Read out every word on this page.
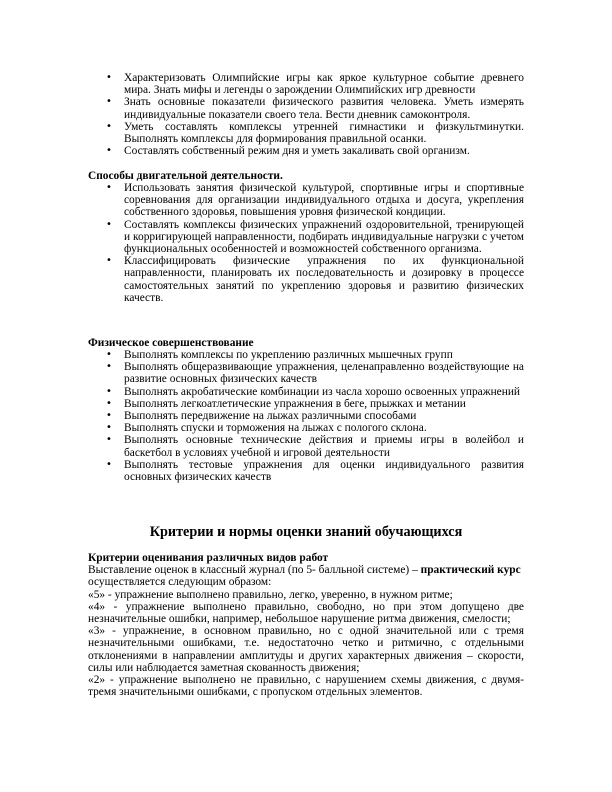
• Характеризовать Олимпийские игры как яркое культурное событие древнего мира. Знать мифы и легенды о зарождении Олимпийских игр древности
• Знать основные показатели физического развития человека. Уметь измерять индивидуальные показатели своего тела. Вести дневник самоконтроля.
• Уметь составлять комплексы утренней гимнастики и физкультминутки. Выполнять комплексы для формирования правильной осанки.
• Составлять собственный режим дня и уметь закаливать свой организм.
Способы двигательной деятельности.
• Использовать занятия физической культурой, спортивные игры и спортивные соревнования для организации индивидуального отдыха и досуга, укрепления собственного здоровья, повышения уровня физической кондиции.
• Составлять комплексы физических упражнений оздоровительной, тренирующей и корригирующей направленности, подбирать индивидуальные нагрузки с учетом функциональных особенностей и возможностей собственного организма.
• Классифицировать физические упражнения по их функциональной направленности, планировать их последовательность и дозировку в процессе самостоятельных занятий по укреплению здоровья и развитию физических качеств.
Физическое совершенствование
• Выполнять комплексы по укреплению различных мышечных групп
• Выполнять общеразвивающие упражнения, целенаправленно воздействующие на развитие основных физических качеств
• Выполнять акробатические комбинации из часла хорошо освоенных упражнений
• Выполнять легкоатлетические упражнения в беге, прыжках и метании
• Выполнять передвижение на лыжах различными способами
• Выполнять спуски и торможения на лыжах с пологого склона.
• Выполнять основные технические действия и приемы игры в волейбол и баскетбол в условиях учебной и игровой деятельности
• Выполнять тестовые упражнения для оценки индивидуального развития основных физических качеств
Критерии и нормы оценки знаний обучающихся
Критерии оценивания различных видов работ
Выставление оценок в классный журнал (по 5- балльной системе) – практический курс
осуществляется следующим образом:
«5» - упражнение выполнено правильно, легко, уверенно, в нужном ритме;
«4» - упражнение выполнено правильно, свободно, но при этом допущено две незначительные ошибки, например, небольшое нарушение ритма движения, смелости;
«3» - упражнение, в основном правильно, но с одной значительной или с тремя незначительными ошибками, т.е. недостаточно четко и ритмично, с отдельными отклонениями в направлении амплитуды и других характерных движения – скорости, силы или наблюдается заметная скованность движения;
«2» - упражнение выполнено не правильно, с нарушением схемы движения, с двумя-тремя значительными ошибками, с пропуском отдельных элементов.
